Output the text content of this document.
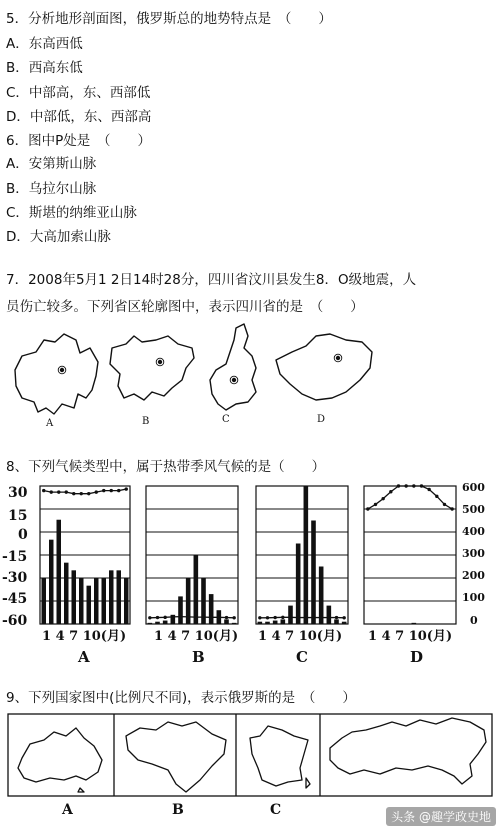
5．分析地形剖面图，俄罗斯总的地势特点是　（　　）
A．东高西低
B．西高东低
C．中部高，东、西部低
D．中部低，东、西部高
6．图中P处是　（　　）
A．安第斯山脉
B．乌拉尔山脉
C．斯堪的纳维亚山脉
D．大高加索山脉
7．2008年5月1 2日14时28分，四川省汶川县发生8．O级地震，人
员伤亡较多。下列省区轮廓图中，表示四川省的是　（　　）
A	B	C	D
8、下列气候类型中，属于热带季风气候的是（　　）
30
15
0
-15
-30
-45
-60
600
500
400
300
200
100
0
1 4 7 10(月) 1 4 7 10(月) 1 4 7 10(月) 1 4 7 10(月)
A	B	C	D
9、下列国家图中(比例尺不同)，表示俄罗斯的是　（　　）
A	B	C	头条 @趣学政史地
